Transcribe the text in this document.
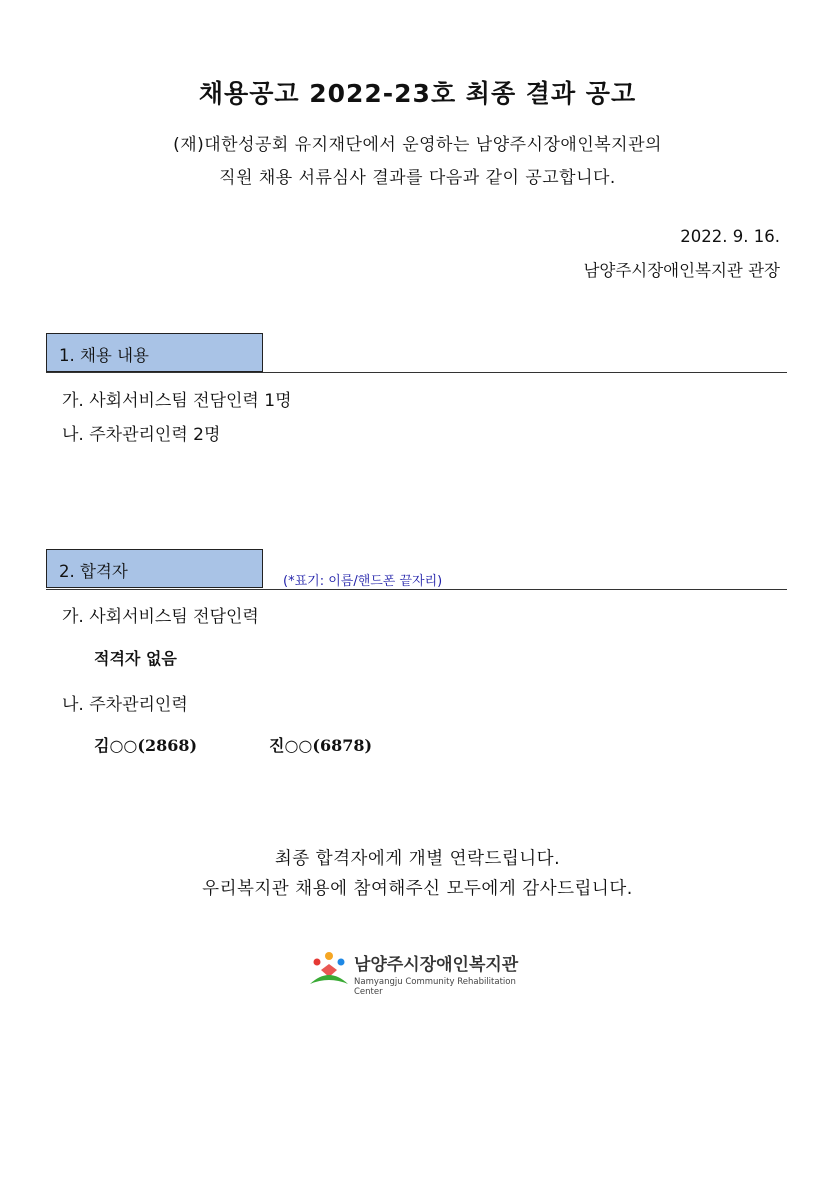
채용공고 2022-23호 최종 결과 공고
(재)대한성공회 유지재단에서 운영하는 남양주시장애인복지관의
직원 채용 서류심사 결과를 다음과 같이 공고합니다.
2022. 9. 16.
남양주시장애인복지관 관장
1. 채용 내용
가. 사회서비스팀 전담인력 1명
나. 주차관리인력 2명
2. 합격자
(*표기: 이름/핸드폰 끝자리)
가. 사회서비스팀 전담인력
적격자 없음
나. 주차관리인력
김○○(2868)	진○○(6878)
최종 합격자에게 개별 연락드립니다.
우리복지관 채용에 참여해주신 모두에게 감사드립니다.
남양주시장애인복지관
Namyangju Community Rehabilitation Center
